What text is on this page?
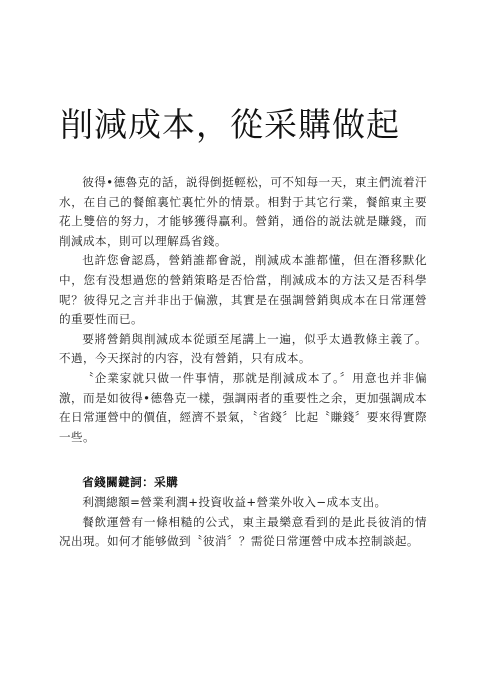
削減成本，從采購做起

彼得•德魯克的話，説得倒挺輕松，可不知每一天，東主們流着汗水，在自己的餐館裏忙裏忙外的情景。相對于其它行業，餐館東主要花上雙倍的努力，才能够獲得贏利。營銷，通俗的説法就是賺錢，而削減成本，則可以理解爲省錢。

也許您會認爲，營銷誰都會説，削減成本誰都懂，但在潛移默化中，您有没想過您的營銷策略是否恰當，削減成本的方法又是否科學呢？彼得兄之言并非出于偏激，其實是在强調營銷與成本在日常運營的重要性而已。

要將營銷與削減成本從頭至尾講上一遍，似乎太過教條主義了。不過，今天探討的内容，没有營銷，只有成本。

〝企業家就只做一件事情，那就是削減成本了。〞用意也并非偏激，而是如彼得•德魯克一樣，强調兩者的重要性之余，更加强調成本在日常運營中的價值，經濟不景氣，〝省錢〞比起〝賺錢〞要來得實際一些。

省錢關鍵詞：采購

利潤總額=營業利潤+投資收益+營業外收入−成本支出。

餐飲運營有一條相糙的公式，東主最樂意看到的是此長彼消的情况出現。如何才能够做到〝彼消〞？需從日常運營中成本控制談起。
